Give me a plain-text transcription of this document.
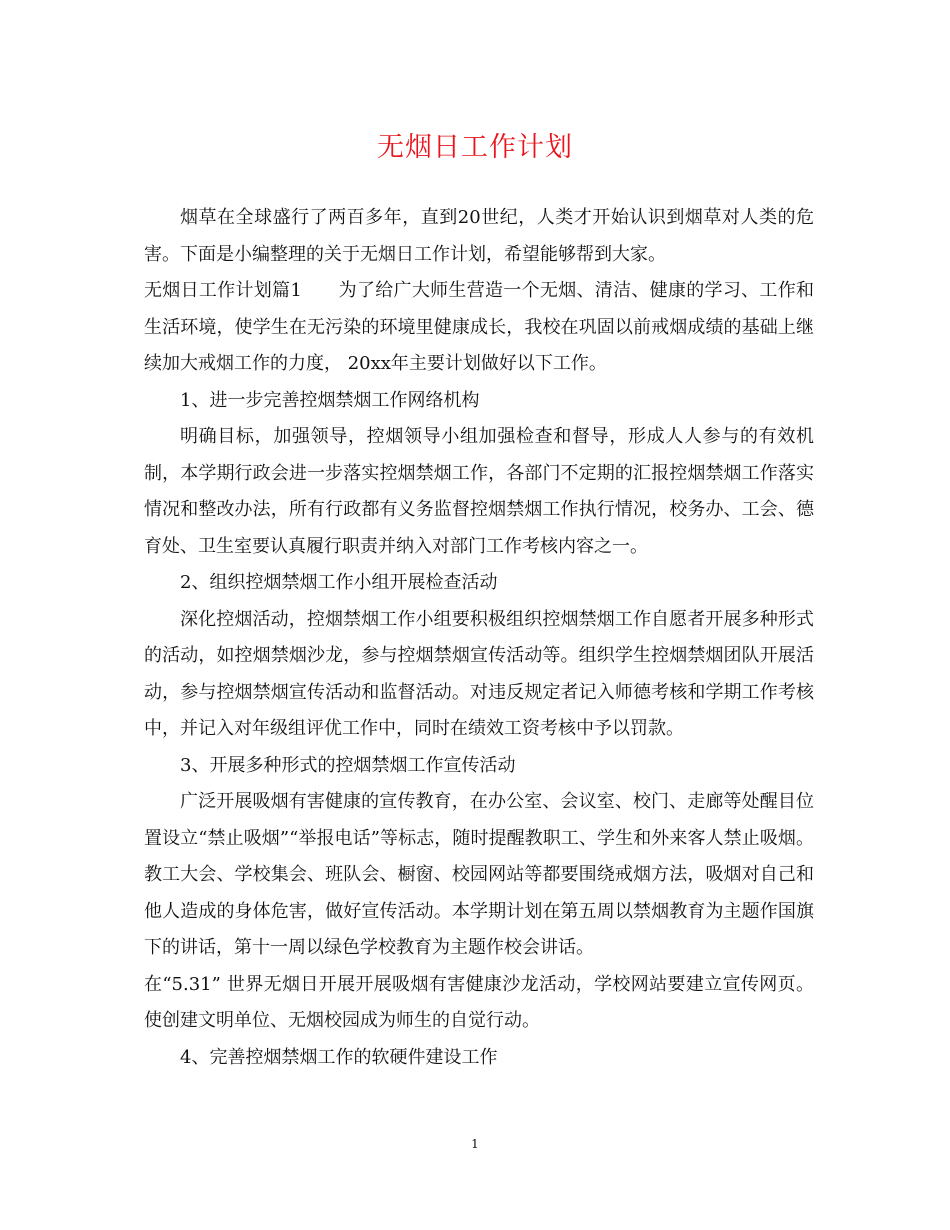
无烟日工作计划

烟草在全球盛行了两百多年，直到20世纪，人类才开始认识到烟草对人类的危害。下面是小编整理的关于无烟日工作计划，希望能够帮到大家。

无烟日工作计划篇1　　为了给广大师生营造一个无烟、清洁、健康的学习、工作和生活环境，使学生在无污染的环境里健康成长，我校在巩固以前戒烟成绩的基础上继续加大戒烟工作的力度， 20xx年主要计划做好以下工作。

1、进一步完善控烟禁烟工作网络机构

明确目标，加强领导，控烟领导小组加强检查和督导，形成人人参与的有效机制，本学期行政会进一步落实控烟禁烟工作，各部门不定期的汇报控烟禁烟工作落实情况和整改办法，所有行政都有义务监督控烟禁烟工作执行情况，校务办、工会、德育处、卫生室要认真履行职责并纳入对部门工作考核内容之一。

2、组织控烟禁烟工作小组开展检查活动

深化控烟活动，控烟禁烟工作小组要积极组织控烟禁烟工作自愿者开展多种形式的活动，如控烟禁烟沙龙，参与控烟禁烟宣传活动等。组织学生控烟禁烟团队开展活动，参与控烟禁烟宣传活动和监督活动。对违反规定者记入师德考核和学期工作考核中，并记入对年级组评优工作中，同时在绩效工资考核中予以罚款。

3、开展多种形式的控烟禁烟工作宣传活动

广泛开展吸烟有害健康的宣传教育，在办公室、会议室、校门、走廊等处醒目位置设立“禁止吸烟”“举报电话”等标志，随时提醒教职工、学生和外来客人禁止吸烟。教工大会、学校集会、班队会、橱窗、校园网站等都要围绕戒烟方法，吸烟对自己和他人造成的身体危害，做好宣传活动。本学期计划在第五周以禁烟教育为主题作国旗下的讲话，第十一周以绿色学校教育为主题作校会讲话。

在“5.31” 世界无烟日开展开展吸烟有害健康沙龙活动，学校网站要建立宣传网页。使创建文明单位、无烟校园成为师生的自觉行动。

4、完善控烟禁烟工作的软硬件建设工作

1
